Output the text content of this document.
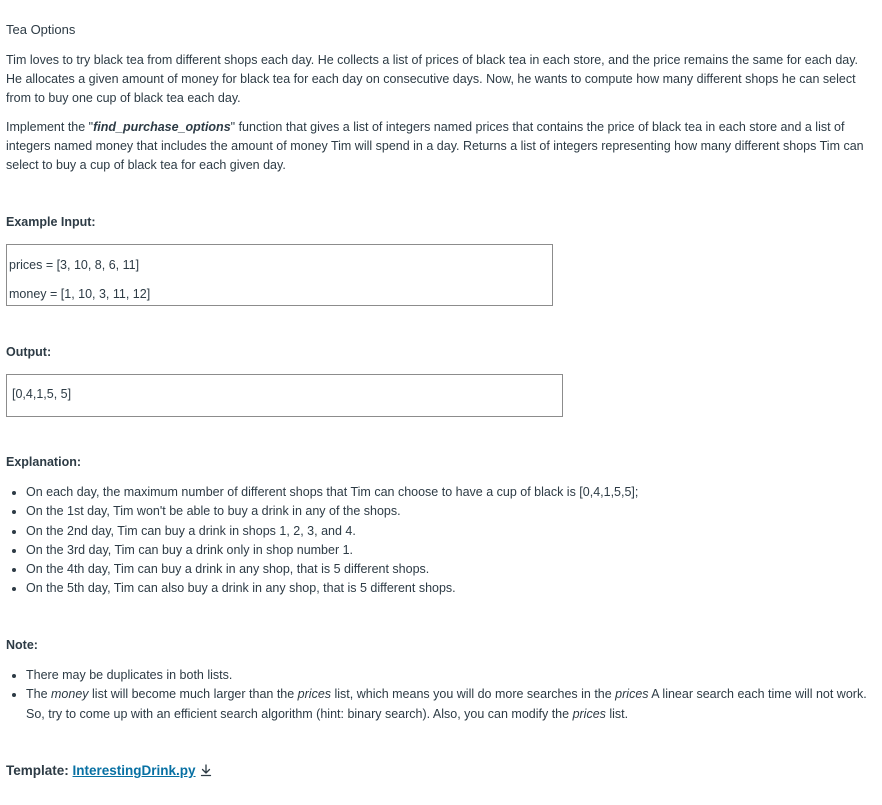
Tea Options
Tim loves to try black tea from different shops each day. He collects a list of prices of black tea in each store, and the price remains the same for each day. He allocates a given amount of money for black tea for each day on consecutive days. Now, he wants to compute how many different shops he can select from to buy one cup of black tea each day.
Implement the "find_purchase_options" function that gives a list of integers named prices that contains the price of black tea in each store and a list of integers named money that includes the amount of money Tim will spend in a day. Returns a list of integers representing how many different shops Tim can select to buy a cup of black tea for each given day.
Example Input:
prices = [3, 10, 8, 6, 11]
money = [1, 10, 3, 11, 12]
Output:
[0,4,1,5, 5]
Explanation:
On each day, the maximum number of different shops that Tim can choose to have a cup of black is [0,4,1,5,5];
On the 1st day, Tim won't be able to buy a drink in any of the shops.
On the 2nd day, Tim can buy a drink in shops 1, 2, 3, and 4.
On the 3rd day, Tim can buy a drink only in shop number 1.
On the 4th day, Tim can buy a drink in any shop, that is 5 different shops.
On the 5th day, Tim can also buy a drink in any shop, that is 5 different shops.
Note:
There may be duplicates in both lists.
The money list will become much larger than the prices list, which means you will do more searches in the prices A linear search each time will not work. So, try to come up with an efficient search algorithm (hint: binary search). Also, you can modify the prices list.
Template: InterestingDrink.py
